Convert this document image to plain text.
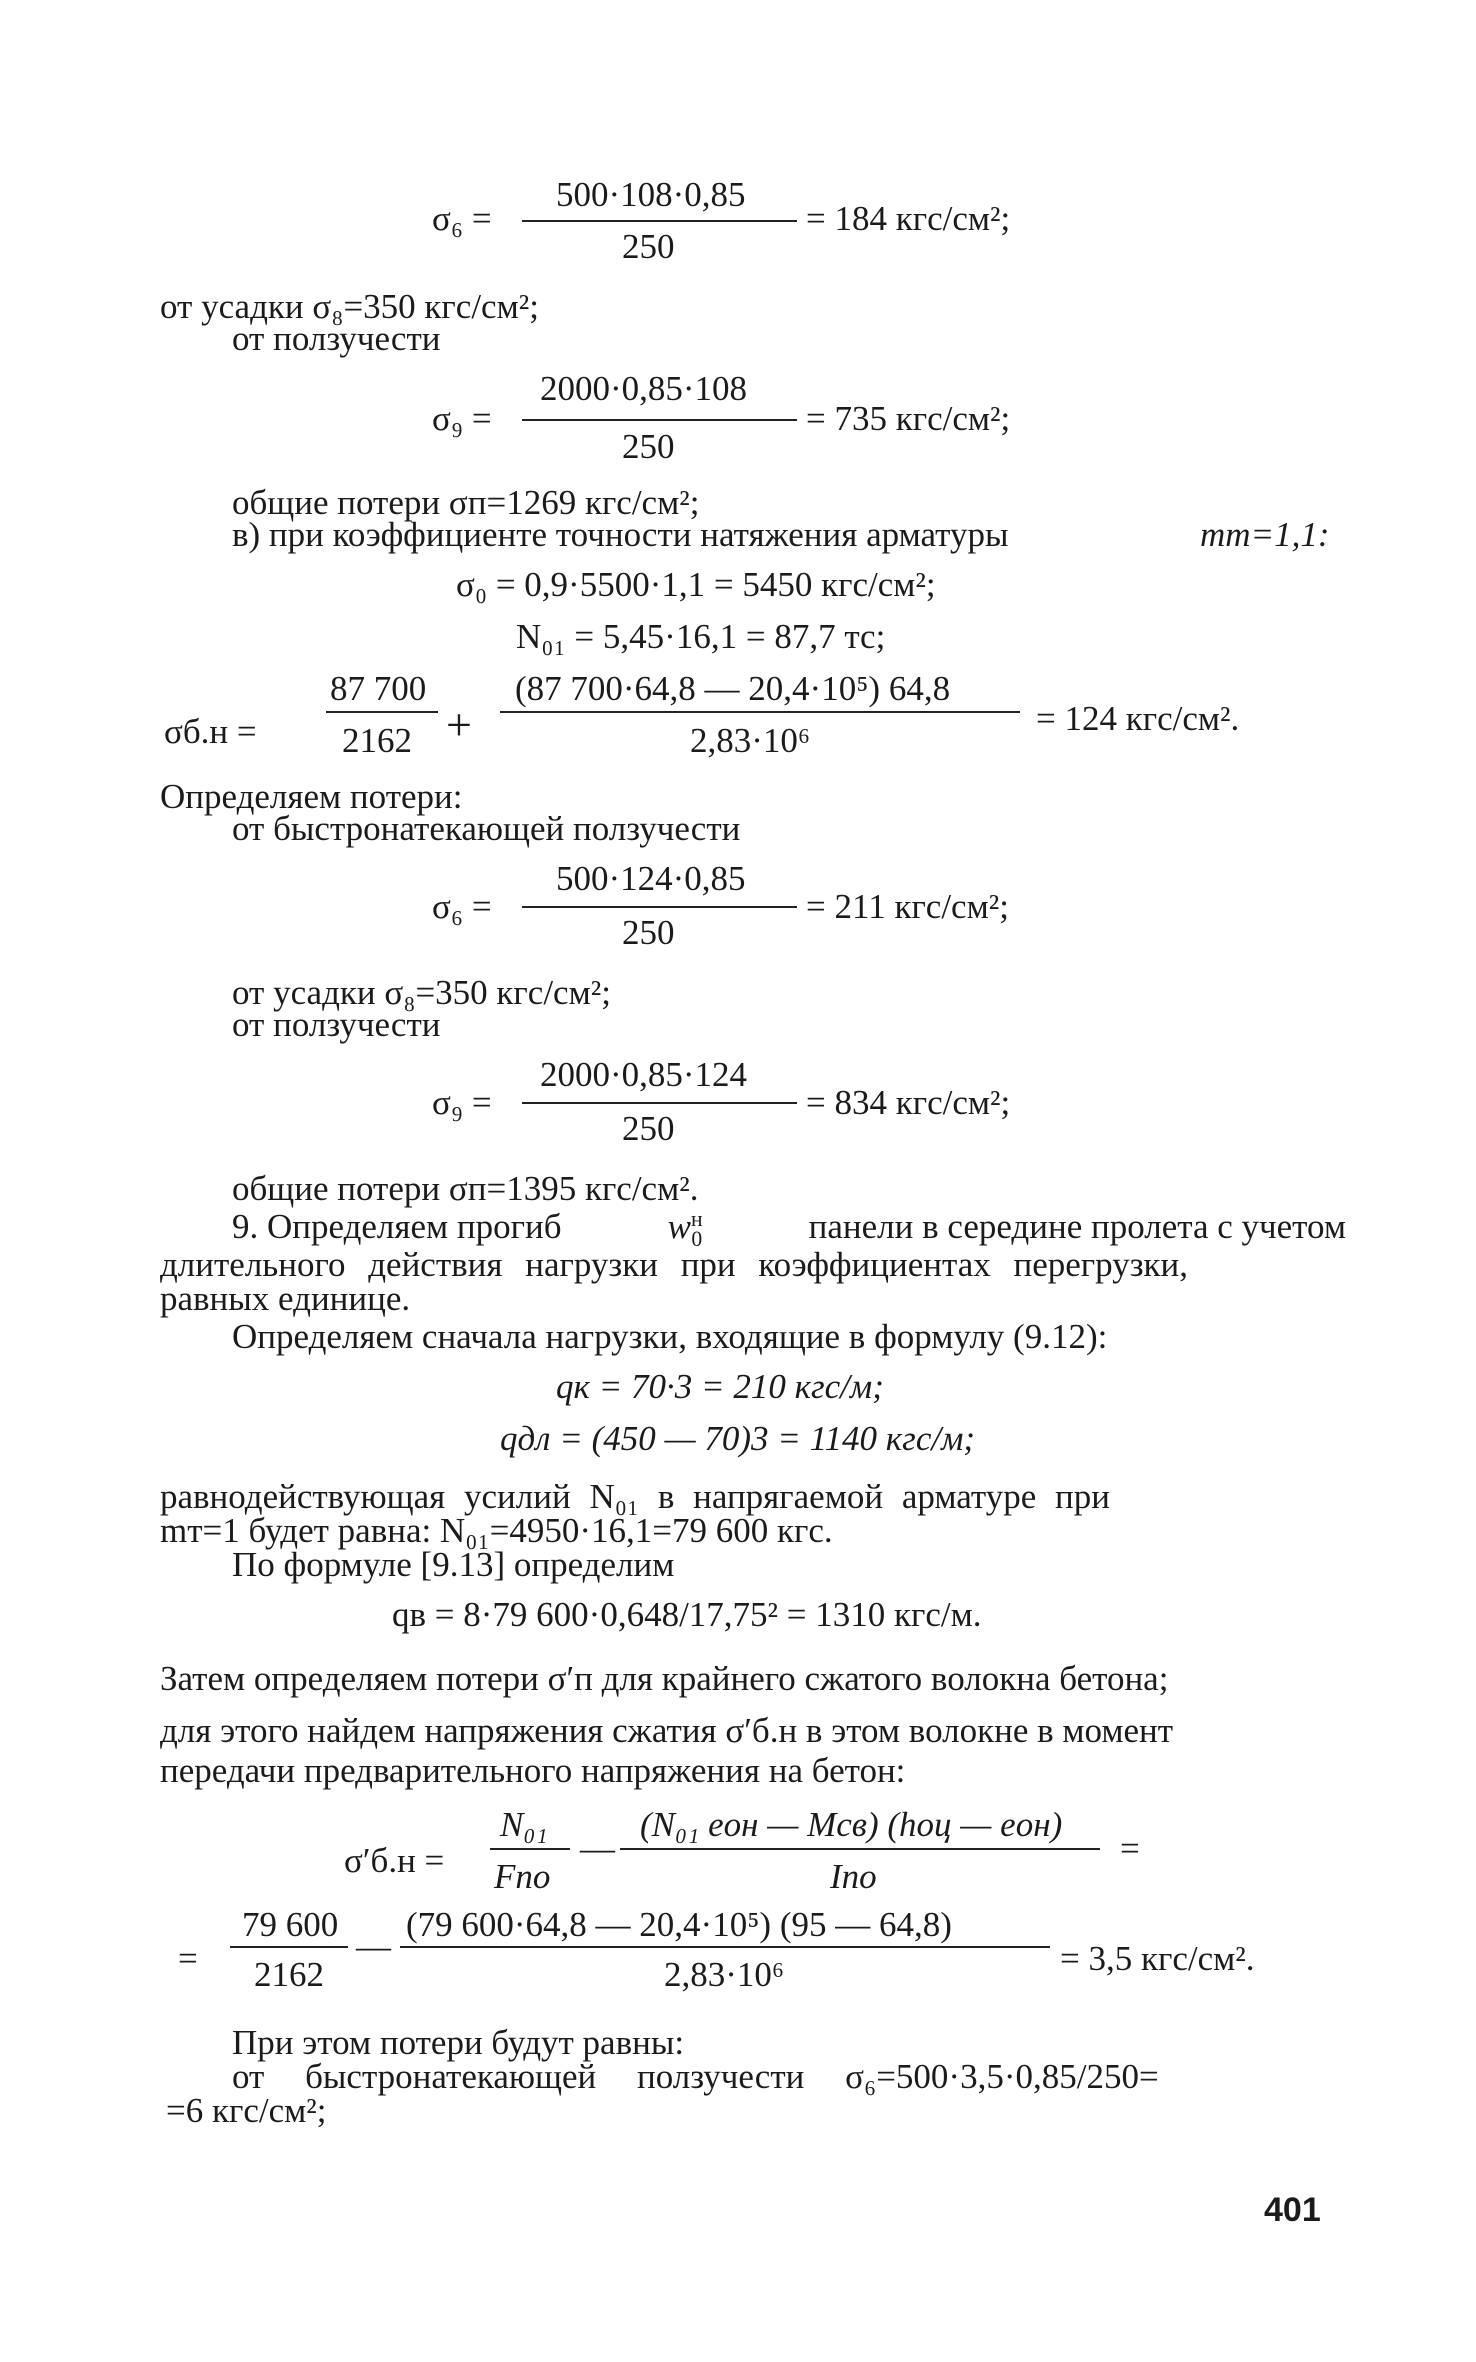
σ₆ =
500·108·0,85
250
= 184 кгс/см²;
от усадки σ₈=350 кгс/см²;
от ползучести
σ₉ =
2000·0,85·108
250
= 735 кгс/см²;
общие потери σп=1269 кгс/см²;
в) при коэффициенте точности натяжения арматуры	mт=1,1:
σ₀ = 0,9·5500·1,1 = 5450 кгс/см²;
N₀₁ = 5,45·16,1 = 87,7 тс;
σб.н =
87 700
2162 +
(87 700·64,8 — 20,4·10⁵) 64,8
2,83·10⁶
= 124 кгс/см².
Определяем потери:
от быстронатекающей ползучести
σ₆ =
500·124·0,85
250
= 211 кгс/см²;
от усадки σ₈=350 кгс/см²;
от ползучести
σ₉ =
2000·0,85·124
250
= 834 кгс/см²;
общие потери σп=1395 кгс/см².
9. Определяем прогиб	wн
0	панели в середине пролета с учетом
длительного действия нагрузки при коэффициентах перегрузки,
равных единице.
Определяем сначала нагрузки, входящие в формулу (9.12):
qк = 70·3 = 210 кгс/м;
qдл = (450 — 70)3 = 1140 кгс/м;
равнодействующая усилий N₀₁ в напрягаемой арматуре при
mт=1 будет равна: N₀₁=4950·16,1=79 600 кгс.
По формуле [9.13] определим
qв = 8·79 600·0,648/17,75² = 1310 кгс/м.
Затем определяем потери σ′п для крайнего сжатого волокна бетона;
для этого найдем напряжения сжатия σ′б.н в этом волокне в момент
передачи предварительного напряжения на бетон:
σ′б.н =
N₀₁
Fпо
—
(N₀₁ eон — Mсв) (hоц — eон)
Iпо
=
=
79 600
2162
—
(79 600·64,8 — 20,4·10⁵) (95 — 64,8)
2,83·10⁶	= 3,5 кгс/см².
При этом потери будут равны:
от быстронатекающей ползучести σ₆=500·3,5·0,85/250=
=6 кгс/см²;
401
